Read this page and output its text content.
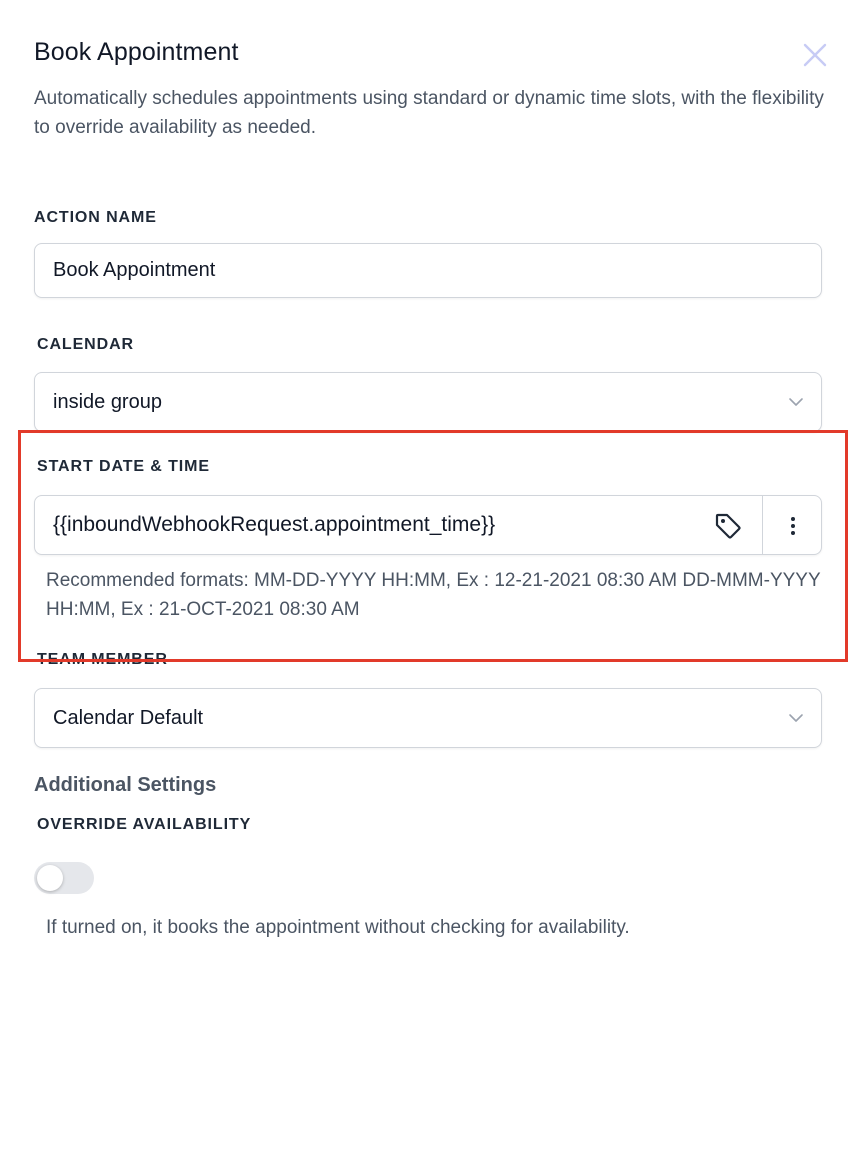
Book Appointment
Automatically schedules appointments using standard or dynamic time slots, with the flexibility to override availability as needed.
ACTION NAME
Book Appointment
CALENDAR
inside group
TEAM MEMBER
START DATE & TIME
{{inboundWebhookRequest.appointment_time}}
Recommended formats: MM-DD-YYYY HH:MM, Ex : 12-21-2021 08:30 AM DD-MMM-YYYY HH:MM, Ex : 21-OCT-2021 08:30 AM
Calendar Default
Additional Settings
OVERRIDE AVAILABILITY
If turned on, it books the appointment without checking for availability.
